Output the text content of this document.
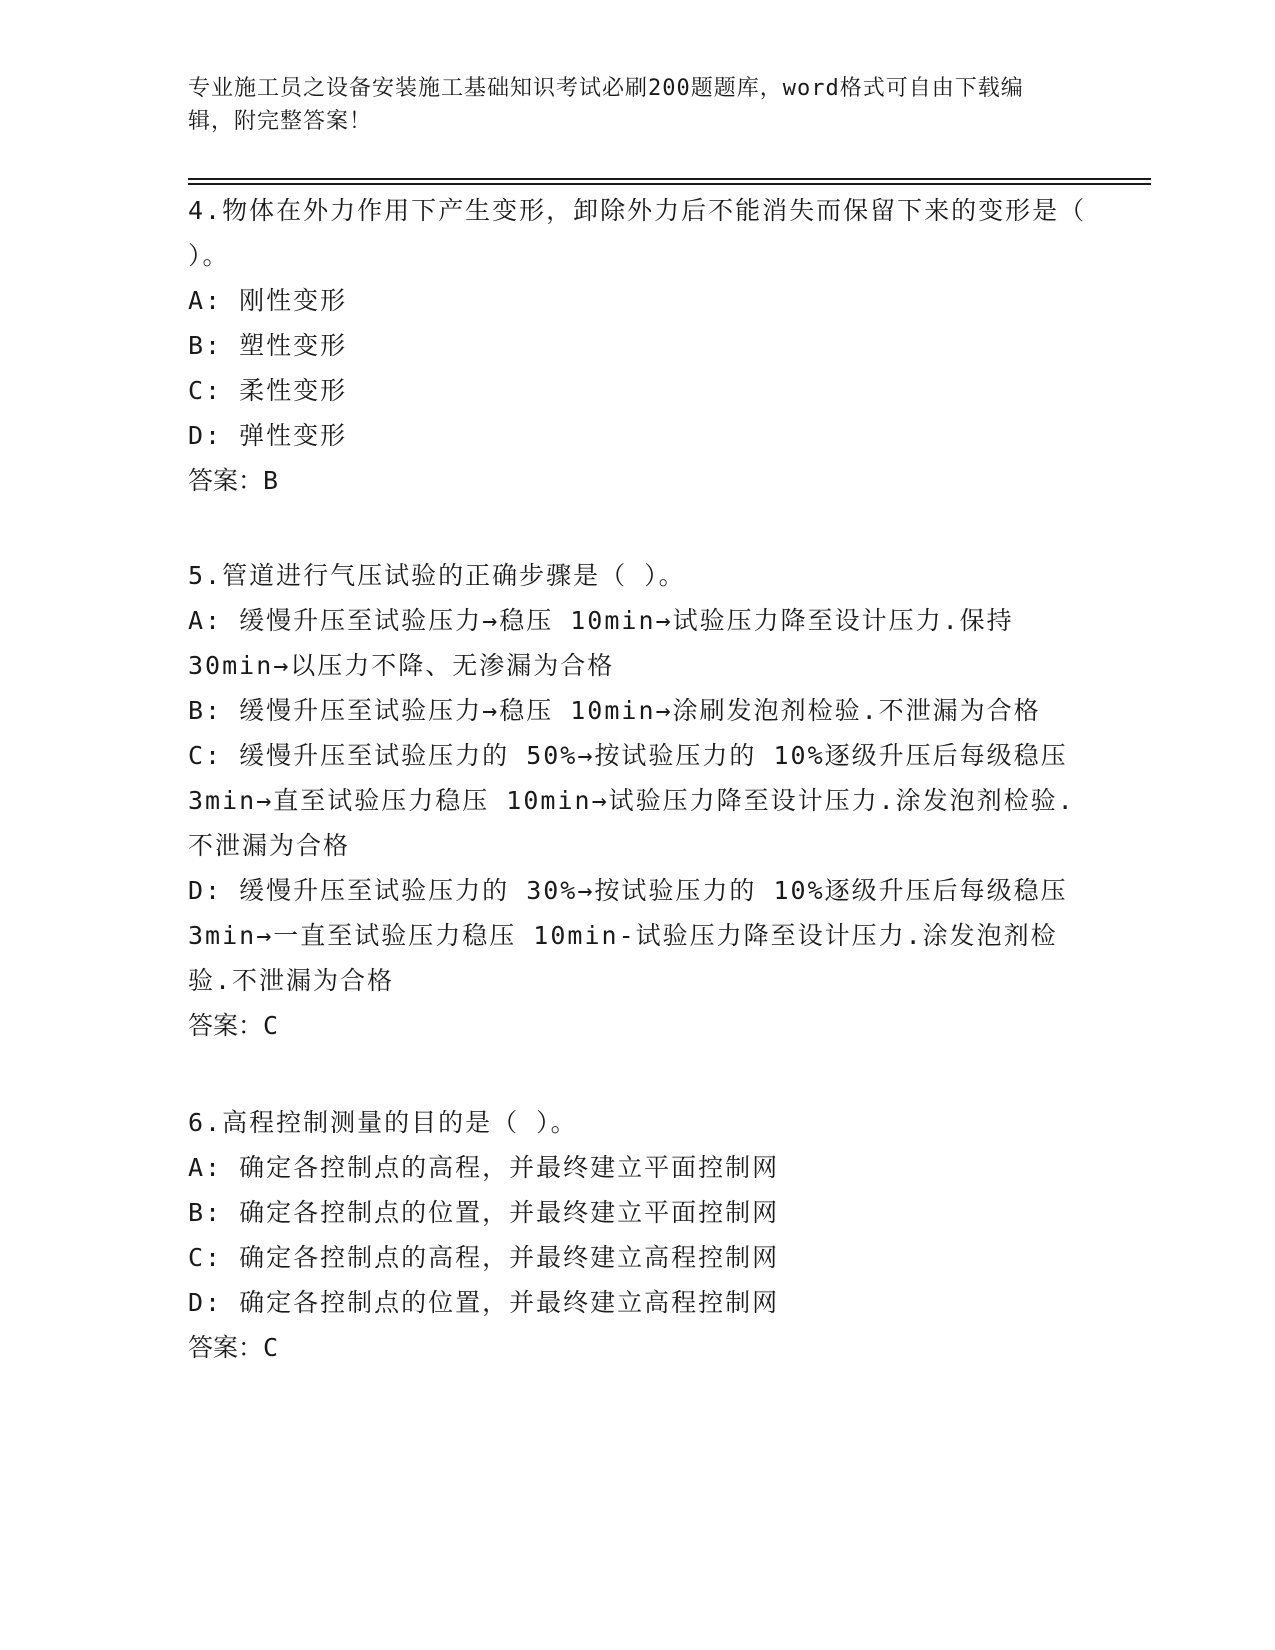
专业施工员之设备安装施工基础知识考试必刷200题题库，word格式可自由下载编辑，附完整答案！

4.物体在外力作用下产生变形，卸除外力后不能消失而保留下来的变形是（ ）。

A: 刚性变形

B: 塑性变形

C: 柔性变形

D: 弹性变形

答案：B

5.管道进行气压试验的正确步骤是（ ）。

A: 缓慢升压至试验压力→稳压 10min→试验压力降至设计压力.保持30min→以压力不降、无渗漏为合格

B: 缓慢升压至试验压力→稳压 10min→涂刷发泡剂检验.不泄漏为合格

C: 缓慢升压至试验压力的 50%→按试验压力的 10%逐级升压后每级稳压 3min→直至试验压力稳压 10min→试验压力降至设计压力.涂发泡剂检验.不泄漏为合格

D: 缓慢升压至试验压力的 30%→按试验压力的 10%逐级升压后每级稳压 3min→一直至试验压力稳压 10min-试验压力降至设计压力.涂发泡剂检验.不泄漏为合格

答案：C

6.高程控制测量的目的是（ ）。

A: 确定各控制点的高程，并最终建立平面控制网

B: 确定各控制点的位置，并最终建立平面控制网

C: 确定各控制点的高程，并最终建立高程控制网

D: 确定各控制点的位置，并最终建立高程控制网

答案：C
